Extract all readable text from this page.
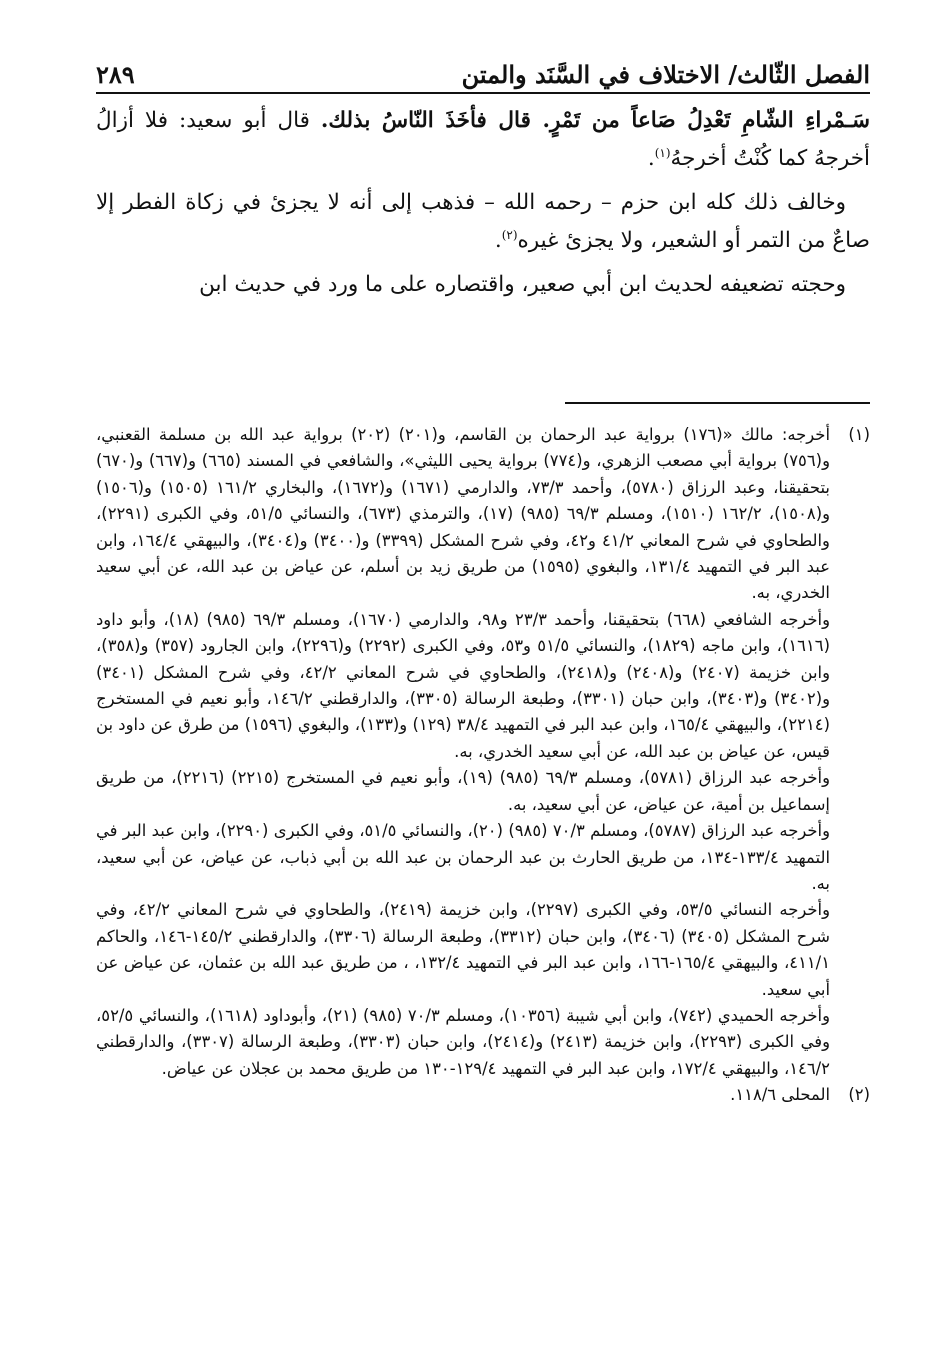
الفصل الثّالث/ الاختلاف في السَّنَد والمتن
٢٨٩

سَـمْراءِ الشّامِ تَعْدِلُ صَاعاً من تَمْرٍ. قال فأخَذَ النّاسُ بذلك. قال أبو سعيد: فلا أزالُ أخرجهُ كما كُنْتُ أخرجهُ$^{(١)}$.

وخالف ذلك كله ابن حزم – رحمه الله – فذهب إلى أنه لا يجزئ في زكاة الفطر إلا صاعٌ من التمر أو الشعير، ولا يجزئ غيره$^{(٢)}$.

وحجته تضعيفه لحديث ابن أبي صعير، واقتصاره على ما ورد في حديث ابن

(١)أخرجه: مالك «(١٧٦) برواية عبد الرحمان بن القاسم، و(٢٠١) (٢٠٢) برواية عبد الله بن مسلمة القعنبي، و(٧٥٦) برواية أبي مصعب الزهري، و(٧٧٤) برواية يحيى الليثي»، والشافعي في المسند (٦٦٥) و(٦٦٧) و(٦٧٠) بتحقيقنا، وعبد الرزاق (٥٧٨٠)، وأحمد ٧٣/٣، والدارمي (١٦٧١) و(١٦٧٢)، والبخاري ١٦١/٢ (١٥٠٥) و(١٥٠٦) و(١٥٠٨)، ١٦٢/٢ (١٥١٠)، ومسلم ٦٩/٣ (٩٨٥) (١٧)، والترمذي (٦٧٣)، والنسائي ٥١/٥، وفي الكبرى (٢٢٩١)، والطحاوي في شرح المعاني ٤١/٢ و٤٢، وفي شرح المشكل (٣٣٩٩) و(٣٤٠٠) و(٣٤٠٤)، والبيهقي ١٦٤/٤، وابن عبد البر في التمهيد ١٣١/٤، والبغوي (١٥٩٥) من طريق زيد بن أسلم، عن عياض بن عبد الله، عن أبي سعيد الخدري، به.

وأخرجه الشافعي (٦٦٨) بتحقيقنا، وأحمد ٢٣/٣ و٩٨، والدارمي (١٦٧٠)، ومسلم ٦٩/٣ (٩٨٥) (١٨)، وأبو داود (١٦١٦)، وابن ماجه (١٨٢٩)، والنسائي ٥١/٥ و٥٣، وفي الكبرى (٢٢٩٢) و(٢٢٩٦)، وابن الجارود (٣٥٧) و(٣٥٨)، وابن خزيمة (٢٤٠٧) و(٢٤٠٨) و(٢٤١٨)، والطحاوي في شرح المعاني ٤٢/٢، وفي شرح المشكل (٣٤٠١) و(٣٤٠٢) و(٣٤٠٣)، وابن حبان (٣٣٠١)، وطبعة الرسالة (٣٣٠٥)، والدارقطني ١٤٦/٢، وأبو نعيم في المستخرج (٢٢١٤)، والبيهقي ١٦٥/٤، وابن عبد البر في التمهيد ٣٨/٤ (١٢٩) و(١٣٣)، والبغوي (١٥٩٦) من طرق عن داود بن قيس، عن عياض بن عبد الله، عن أبي سعيد الخدري، به.

وأخرجه عبد الرزاق (٥٧٨١)، ومسلم ٦٩/٣ (٩٨٥) (١٩)، وأبو نعيم في المستخرج (٢٢١٥) (٢٢١٦)، من طريق إسماعيل بن أمية، عن عياض، عن أبي سعيد، به.

وأخرجه عبد الرزاق (٥٧٨٧)، ومسلم ٧٠/٣ (٩٨٥) (٢٠)، والنسائي ٥١/٥، وفي الكبرى (٢٢٩٠)، وابن عبد البر في التمهيد ١٣٣/٤-١٣٤، من طريق الحارث بن عبد الرحمان بن عبد الله بن أبي ذباب، عن عياض، عن أبي سعيد، به.

وأخرجه النسائي ٥٣/٥، وفي الكبرى (٢٢٩٧)، وابن خزيمة (٢٤١٩)، والطحاوي في شرح المعاني ٤٢/٢، وفي شرح المشكل (٣٤٠٥) (٣٤٠٦)، وابن حبان (٣٣١٢)، وطبعة الرسالة (٣٣٠٦)، والدارقطني ١٤٥/٢-١٤٦، والحاكم ٤١١/١، والبيهقي ١٦٥/٤-١٦٦، وابن عبد البر في التمهيد ١٣٢/٤، ، من طريق عبد الله بن عثمان، عن عياض عن أبي سعيد.

وأخرجه الحميدي (٧٤٢)، وابن أبي شيبة (١٠٣٥٦)، ومسلم ٧٠/٣ (٩٨٥) (٢١)، وأبوداود (١٦١٨)، والنسائي ٥٢/٥، وفي الكبرى (٢٢٩٣)، وابن خزيمة (٢٤١٣) و(٢٤١٤)، وابن حبان (٣٣٠٣)، وطبعة الرسالة (٣٣٠٧)، والدارقطني ١٤٦/٢، والبيهقي ١٧٢/٤، وابن عبد البر في التمهيد ١٢٩/٤-١٣٠ من طريق محمد بن عجلان عن عياض.

(٢)المحلى ١١٨/٦.
